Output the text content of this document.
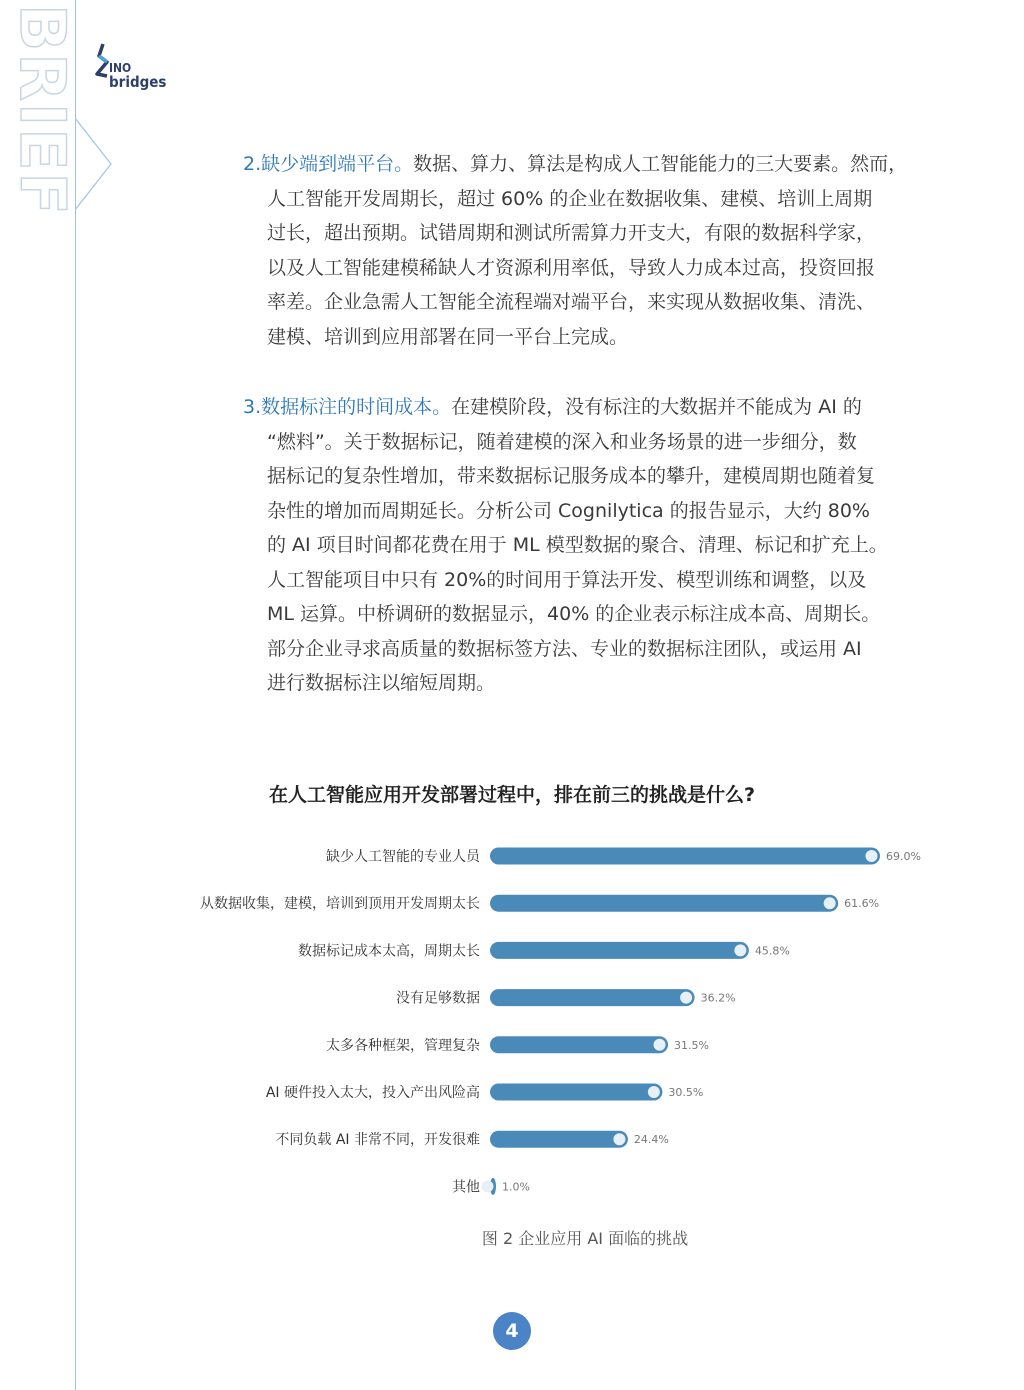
BRIEF	INO
bridges

2.缺少端到端平台。数据、算力、算法是构成人工智能能力的三大要素。然而，

人工智能开发周期长，超过 60% 的企业在数据收集、建模、培训上周期
过长，超出预期。试错周期和测试所需算力开支大，有限的数据科学家，
以及人工智能建模稀缺人才资源利用率低，导致人力成本过高，投资回报
率差。企业急需人工智能全流程端对端平台，来实现从数据收集、清洗、
建模、培训到应用部署在同一平台上完成。

3.数据标注的时间成本。在建模阶段，没有标注的大数据并不能成为 AI 的

“燃料”。关于数据标记，随着建模的深入和业务场景的进一步细分，数
据标记的复杂性增加，带来数据标记服务成本的攀升，建模周期也随着复
杂性的增加而周期延长。分析公司 Cognilytica 的报告显示，大约 80%
的 AI 项目时间都花费在用于 ML 模型数据的聚合、清理、标记和扩充上。
人工智能项目中只有 20%的时间用于算法开发、模型训练和调整，以及
ML 运算。中桥调研的数据显示，40% 的企业表示标注成本高、周期长。
部分企业寻求高质量的数据标签方法、专业的数据标注团队，或运用 AI
进行数据标注以缩短周期。
在人工智能应用开发部署过程中，排在前三的挑战是什么?
缺少人工智能的专业人员	69.0%
从数据收集，建模，培训到顶用开发周期太长	61.6%
数据标记成本太高，周期太长	45.8%
没有足够数据	36.2%
太多各种框架，管理复杂	31.5%
AI 硬件投入太大，投入产出风险高	30.5%
不同负载 AI 非常不同，开发很难	24.4%
其他 1.0%
图 2 企业应用 AI 面临的挑战
4
